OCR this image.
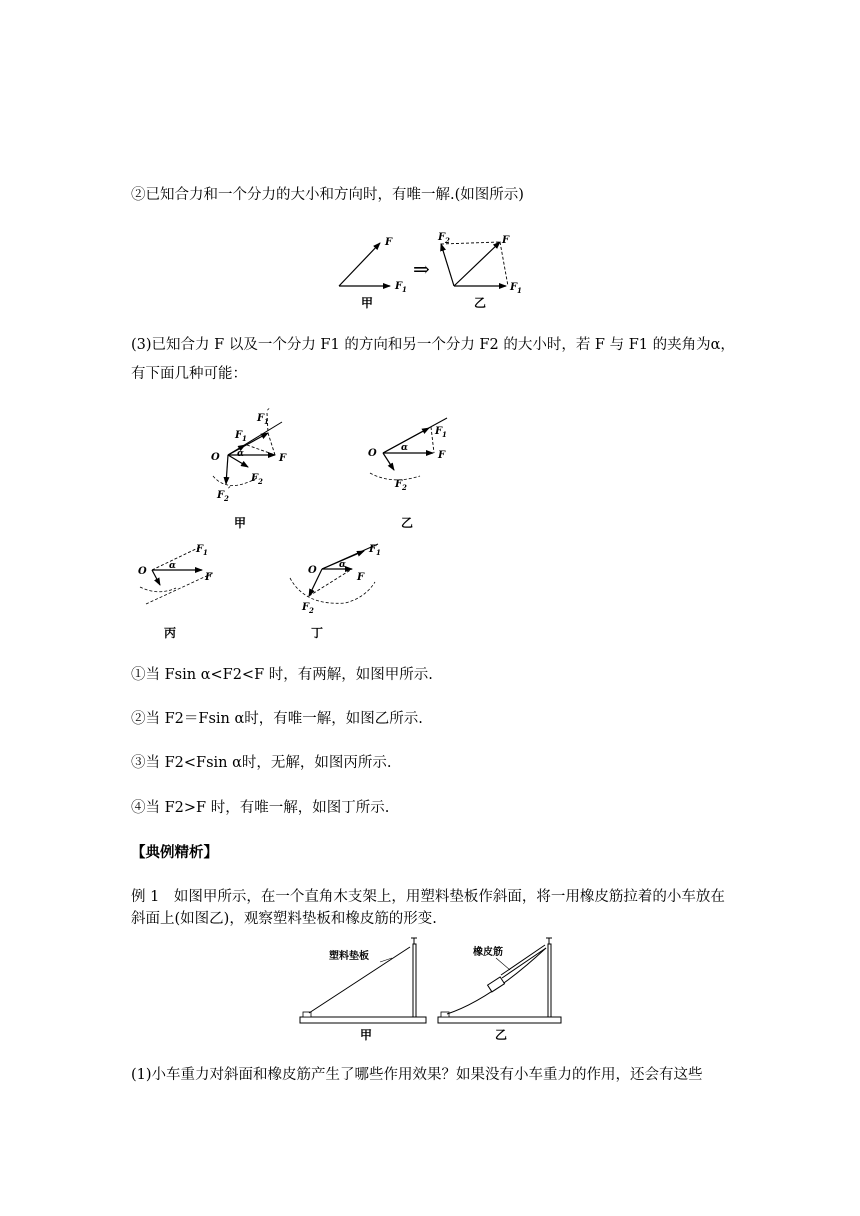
②已知合力和一个分力的大小和方向时，有唯一解.(如图所示)

F
F 1
甲
⇒
F 2	F
F 1
乙
O
F 1
F 1
′
α	F
F 2
F 2
′
甲
O	α
F 1
F
F 2
乙
O α
F 1
F
丙
O α
F 1
F
F 2
丁
塑料垫板
甲
橡皮筋
乙

(3)已知合力 F 以及一个分力 F1 的方向和另一个分力 F2 的大小时，若 F 与 F1 的夹角为α，

有下面几种可能：

①当 Fsin α<F2<F 时，有两解，如图甲所示.

②当 F2＝Fsin α时，有唯一解，如图乙所示.

③当 F2<Fsin α时，无解，如图丙所示.

④当 F2>F 时，有唯一解，如图丁所示.

【典例精析】

例 1　如图甲所示，在一个直角木支架上，用塑料垫板作斜面，将一用橡皮筋拉着的小车放在斜面上(如图乙)，观察塑料垫板和橡皮筋的形变.

(1)小车重力对斜面和橡皮筋产生了哪些作用效果？如果没有小车重力的作用，还会有这些
